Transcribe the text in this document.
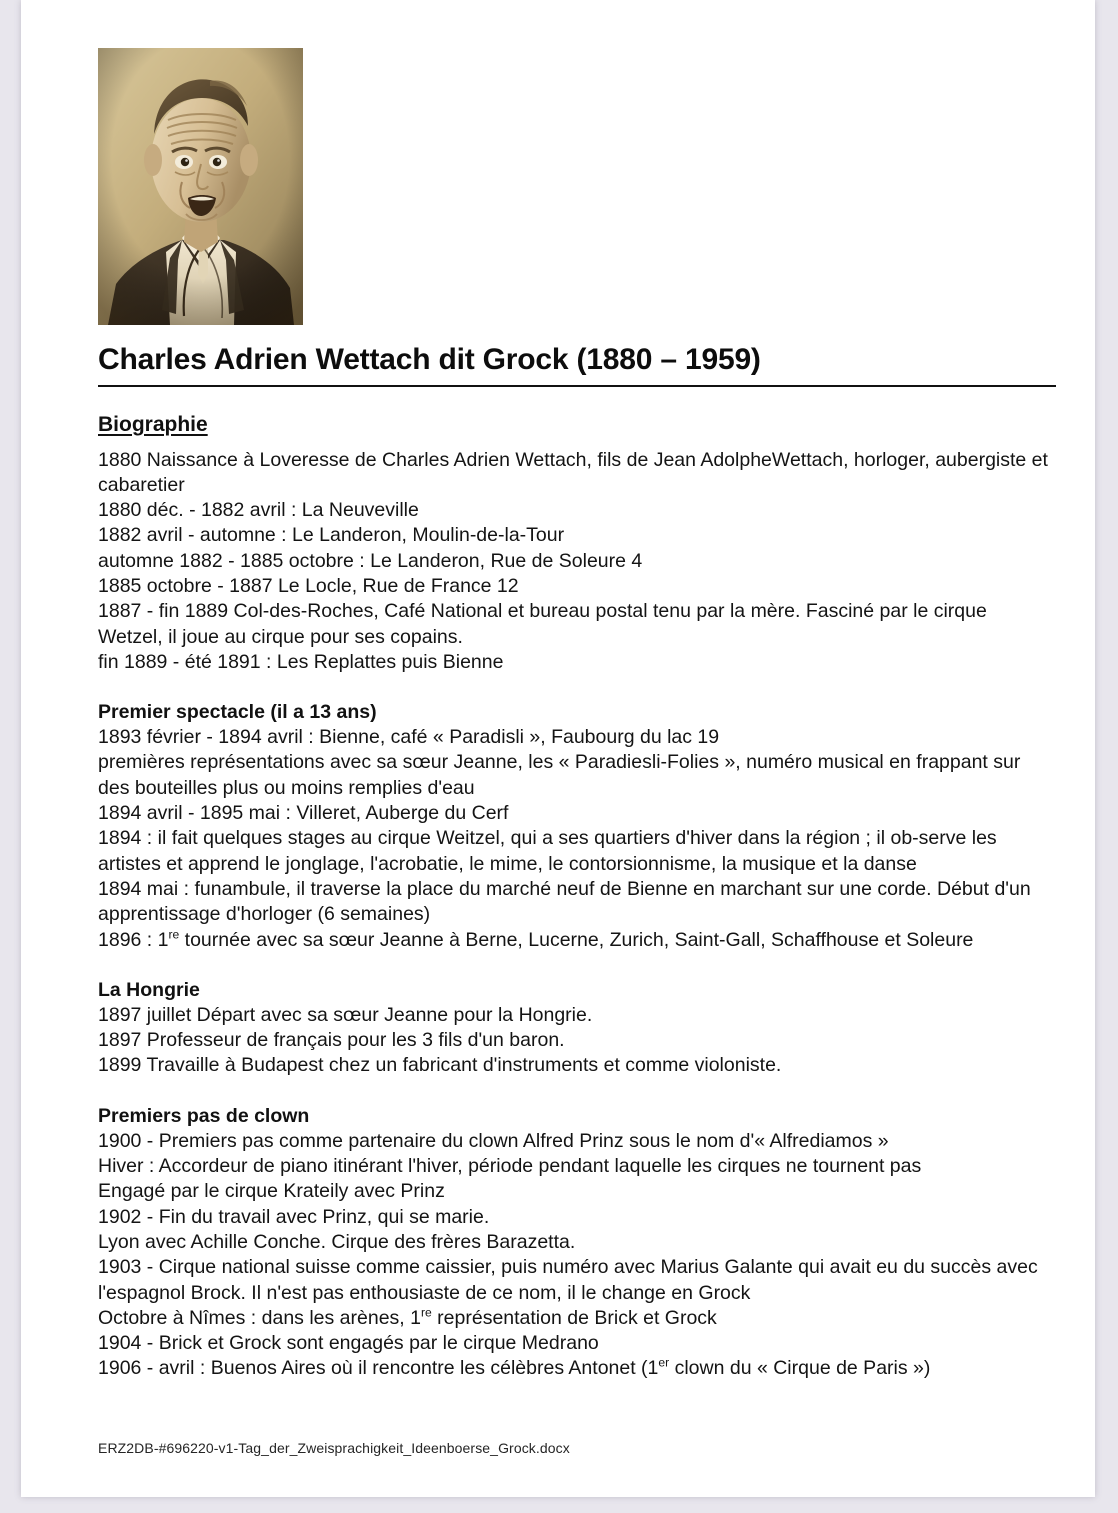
Charles Adrien Wettach dit Grock (1880 – 1959)
Biographie

1880 Naissance à Loveresse de Charles Adrien Wettach, fils de Jean AdolpheWettach, horloger, aubergiste et cabaretier

1880 déc. - 1882 avril : La Neuveville

1882 avril - automne : Le Landeron, Moulin-de-la-Tour

automne 1882 - 1885 octobre : Le Landeron, Rue de Soleure 4

1885 octobre - 1887 Le Locle, Rue de France 12

1887 - fin 1889 Col-des-Roches, Café National et bureau postal tenu par la mère. Fasciné par le cirque Wetzel, il joue au cirque pour ses copains.

fin 1889 - été 1891 : Les Replattes puis Bienne

Premier spectacle (il a 13 ans)

1893 février - 1894 avril : Bienne, café « Paradisli », Faubourg du lac 19

premières représentations avec sa sœur Jeanne, les « Paradiesli-Folies », numéro musical en frappant sur des bouteilles plus ou moins remplies d'eau

1894 avril - 1895 mai : Villeret, Auberge du Cerf

1894 : il fait quelques stages au cirque Weitzel, qui a ses quartiers d'hiver dans la région ; il ob-serve les artistes et apprend le jonglage, l'acrobatie, le mime, le contorsionnisme, la musique et la danse

1894 mai : funambule, il traverse la place du marché neuf de Bienne en marchant sur une corde. Début d'un apprentissage d'horloger (6 semaines)

1896 : 1re tournée avec sa sœur Jeanne à Berne, Lucerne, Zurich, Saint-Gall, Schaffhouse et Soleure

La Hongrie

1897 juillet Départ avec sa sœur Jeanne pour la Hongrie.

1897 Professeur de français pour les 3 fils d'un baron.

1899 Travaille à Budapest chez un fabricant d'instruments et comme violoniste.

Premiers pas de clown

1900 - Premiers pas comme partenaire du clown Alfred Prinz sous le nom d'« Alfrediamos »

Hiver : Accordeur de piano itinérant l'hiver, période pendant laquelle les cirques ne tournent pas

Engagé par le cirque Krateily avec Prinz

1902 - Fin du travail avec Prinz, qui se marie.

Lyon avec Achille Conche. Cirque des frères Barazetta.

1903 - Cirque national suisse comme caissier, puis numéro avec Marius Galante qui avait eu du succès avec l'espagnol Brock. Il n'est pas enthousiaste de ce nom, il le change en Grock

Octobre à Nîmes : dans les arènes, 1re représentation de Brick et Grock

1904 - Brick et Grock sont engagés par le cirque Medrano

1906 - avril : Buenos Aires où il rencontre les célèbres Antonet (1er clown du « Cirque de Paris »)

ERZ2DB-#696220-v1-Tag_der_Zweisprachigkeit_Ideenboerse_Grock.docx
